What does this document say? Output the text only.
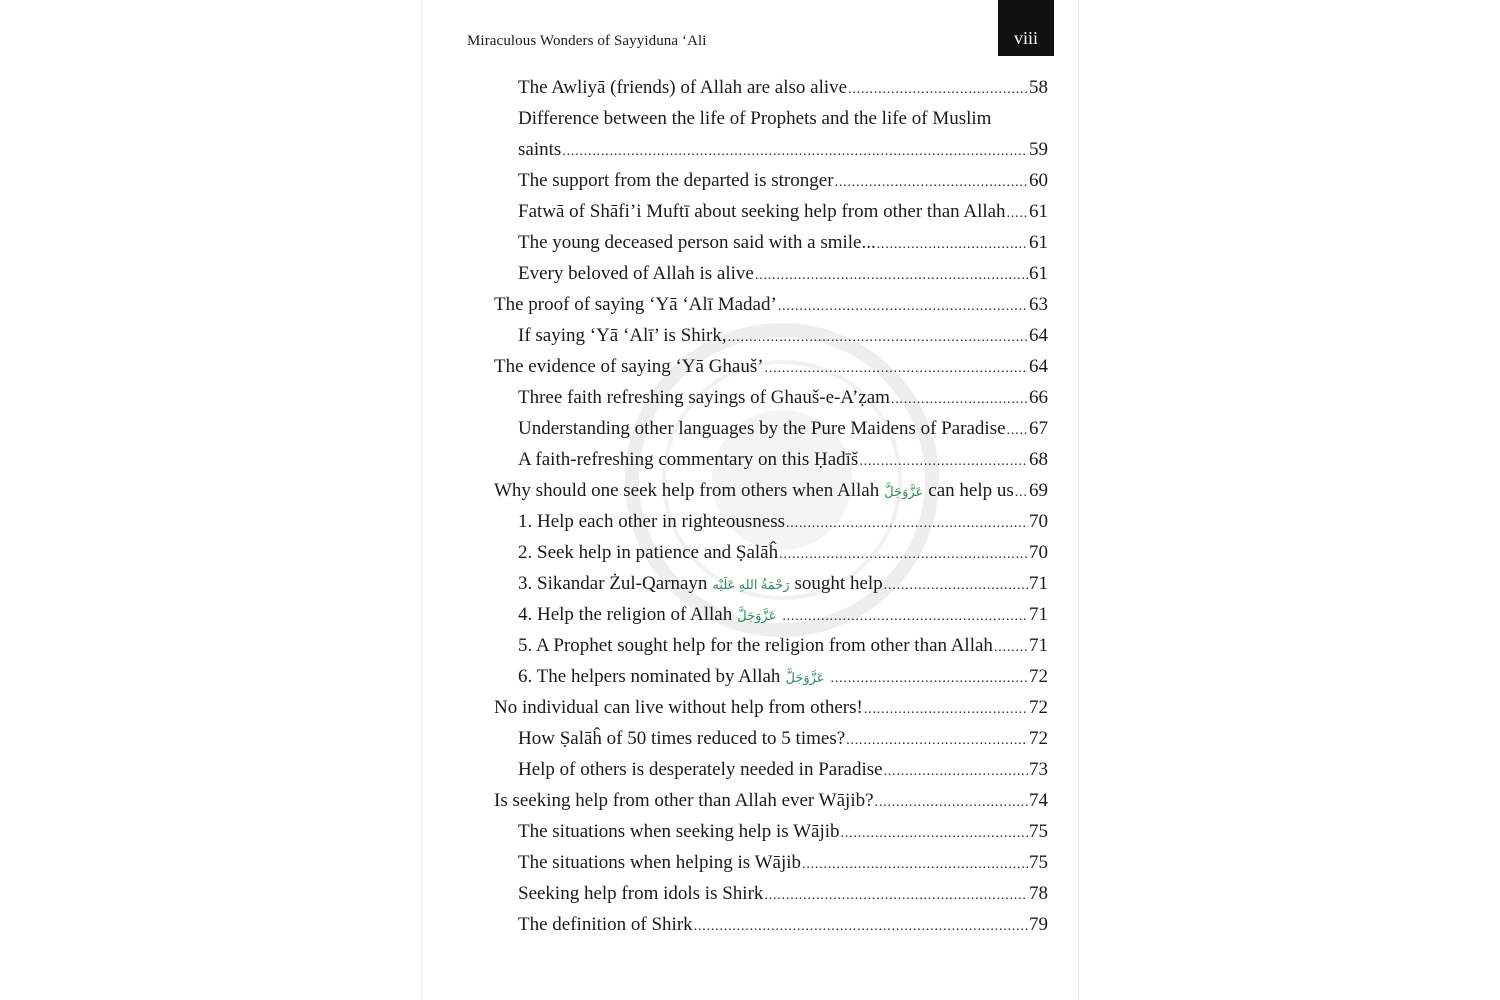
Miraculous Wonders of Sayyiduna ‘Ali	viii
The Awliyā (friends) of Allah are also alive .....	58
Difference between the life of Prophets and the life of Muslim
saints .....	59
The support from the departed is stronger .....	60
Fatwā of Shāfi’i Muftī about seeking help from other than Allah ..... 61
The young deceased person said with a smile... .....	61
Every beloved of Allah is alive .....	61
The proof of saying ‘Yā ‘Alī Madad’ .....	63
If saying ‘Yā ‘Alī’ is Shirk, .....	64
The evidence of saying ‘Yā Ghauš’ .....	64
Three faith refreshing sayings of Ghauš-e-A’ẓam .....	66
Understanding other languages by the Pure Maidens of Paradise ..... 67
A faith-refreshing commentary on this Ḥadīš .....	68
Why should one seek help from others when Allah عَزَّوَجَلَّ can help us ..... 69
1. Help each other in righteousness .....	70
2. Seek help in patience and Ṣalāĥ .....	70
3. Sikandar Żul-Qarnayn رَحْمَةُ اللهِ عَلَيْه sought help .....	71
4. Help the religion of Allah عَزَّوَجَلَّ .....	71
5. A Prophet sought help for the religion from other than Allah ..... 71
6. The helpers nominated by Allah عَزَّوَجَلَّ .....	72
No individual can live without help from others! .....	72
How Ṣalāĥ of 50 times reduced to 5 times? .....	72
Help of others is desperately needed in Paradise .....	73
Is seeking help from other than Allah ever Wājib? .....	74
The situations when seeking help is Wājib .....	75
The situations when helping is Wājib .....	75
Seeking help from idols is Shirk .....	78
The definition of Shirk .....	79
